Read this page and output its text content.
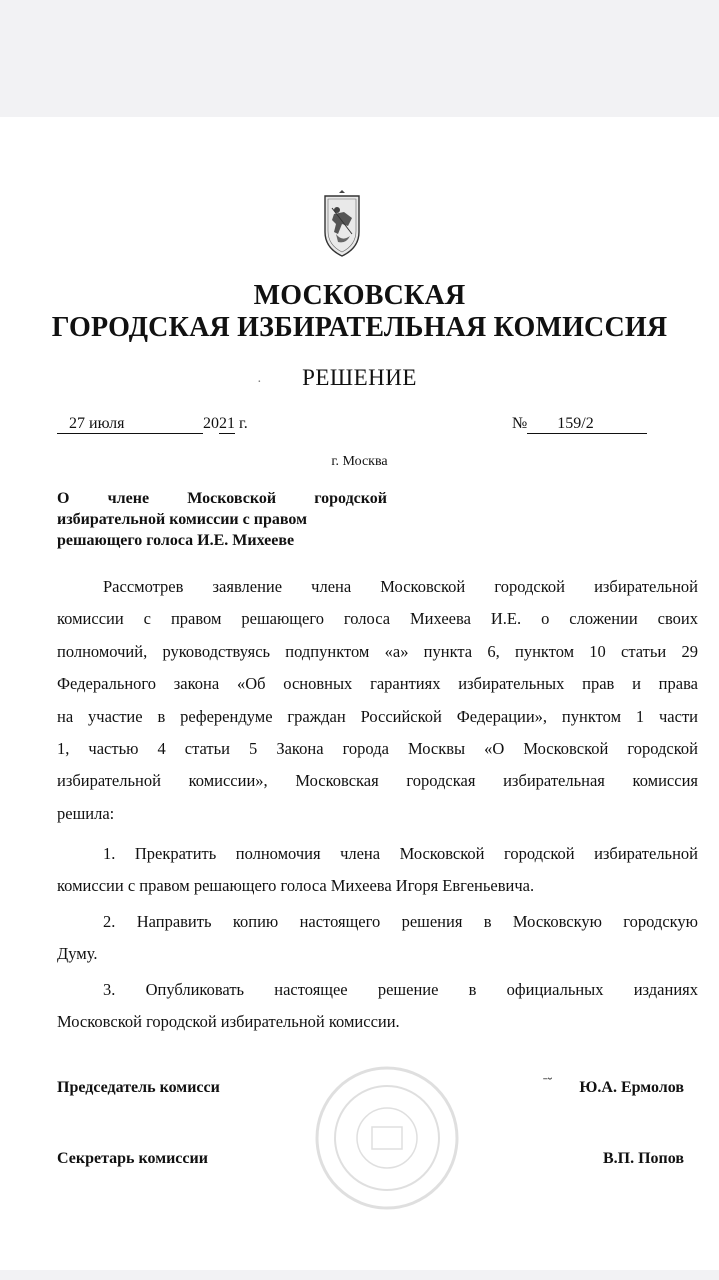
МОСКОВСКАЯ
ГОРОДСКАЯ ИЗБИРАТЕЛЬНАЯ КОМИССИЯ
·	РЕШЕНИЕ
27 июля	2021 г.	№ 159/2
г. Москва
О члене Московской городской
избирательной комиссии с правом
решающего голоса И.Е. Михееве
Рассмотрев заявление члена Московской городской избирательной
комиссии с правом решающего голоса Михеева И.Е. о сложении своих
полномочий, руководствуясь подпунктом «а» пункта 6, пунктом 10 статьи 29
Федерального закона «Об основных гарантиях избирательных прав и права
на участие в референдуме граждан Российской Федерации», пунктом 1 части
1, частью 4 статьи 5 Закона города Москвы «О Московской городской
избирательной комиссии», Московская городская избирательная комиссия
решила:
1. Прекратить полномочия члена Московской городской избирательной
комиссии с правом решающего голоса Михеева Игоря Евгеньевича.
2. Направить копию настоящего решения в Московскую городскую
Думу.
3. Опубликовать настоящее решение в официальных изданиях
Московской городской избирательной комиссии.
Председатель комисси	ˉ˘ Ю.А. Ермолов
Секретарь комиссии	В.П. Попов
